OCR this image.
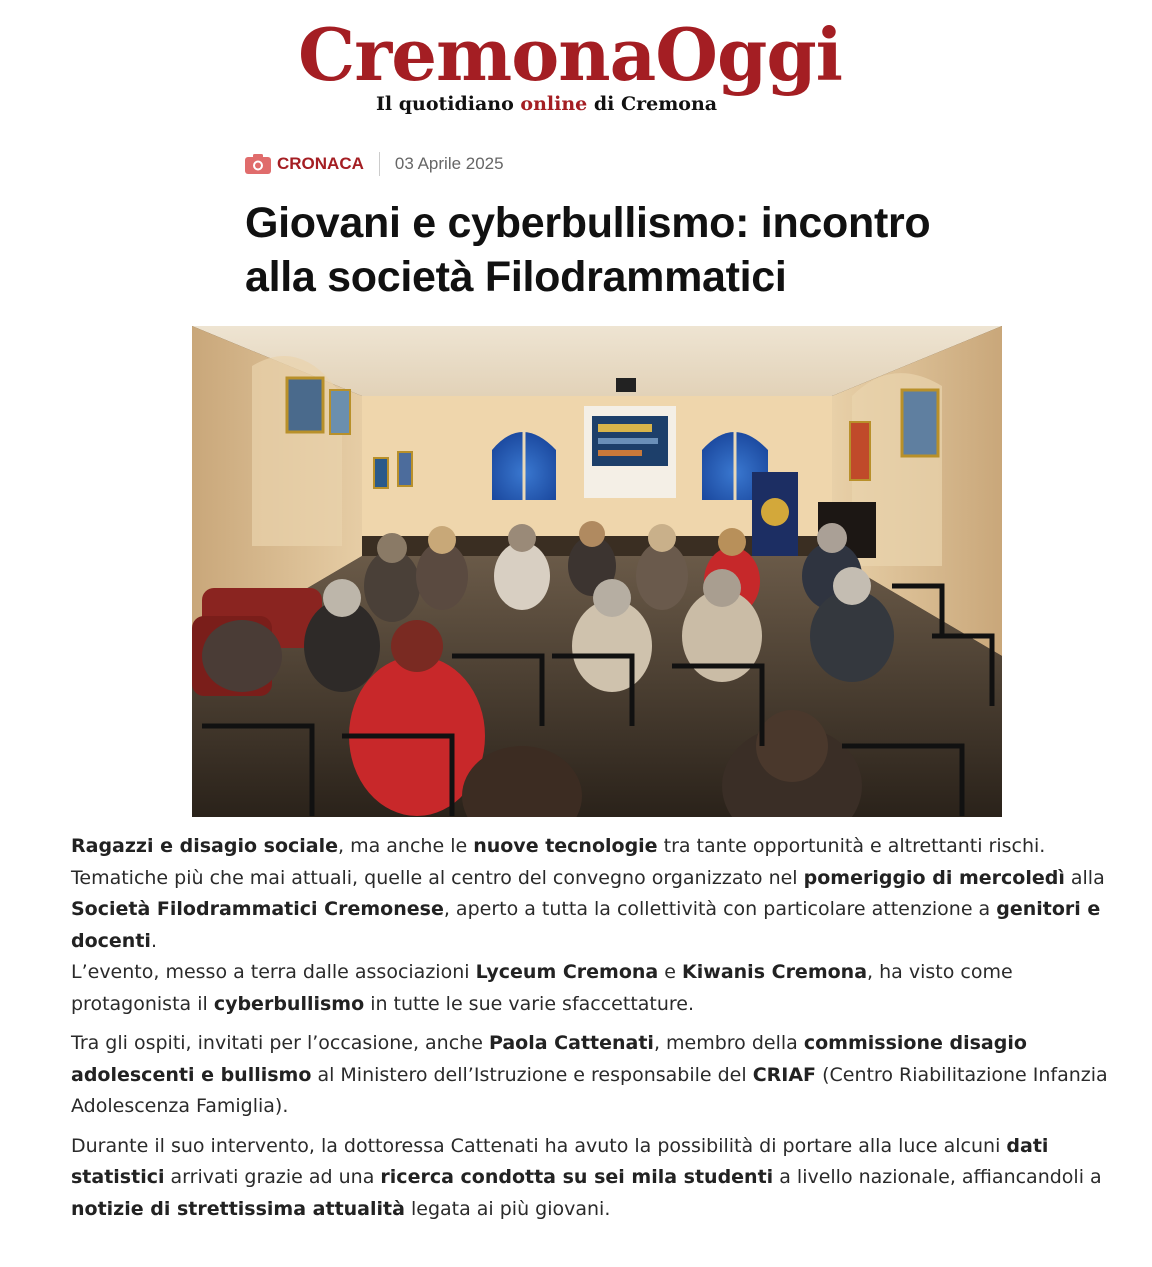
CremonaOggi
Il quotidiano online di Cremona
CRONACA 03 Aprile 2025
Giovani e cyberbullismo: incontro alla società Filodrammatici

Ragazzi e disagio sociale, ma anche le nuove tecnologie tra tante opportunità e altrettanti rischi. Tematiche più che mai attuali, quelle al centro del convegno organizzato nel pomeriggio di mercoledì alla Società Filodrammatici Cremonese, aperto a tutta la collettività con particolare attenzione a genitori e docenti.
L’evento, messo a terra dalle associazioni Lyceum Cremona e Kiwanis Cremona, ha visto come protagonista il cyberbullismo in tutte le sue varie sfaccettature.

Tra gli ospiti, invitati per l’occasione, anche Paola Cattenati, membro della commissione disagio adolescenti e bullismo al Ministero dell’Istruzione e responsabile del CRIAF (Centro Riabilitazione Infanzia Adolescenza Famiglia).

Durante il suo intervento, la dottoressa Cattenati ha avuto la possibilità di portare alla luce alcuni dati statistici arrivati grazie ad una ricerca condotta su sei mila studenti a livello nazionale, affiancandoli a notizie di strettissima attualità legata ai più giovani.
